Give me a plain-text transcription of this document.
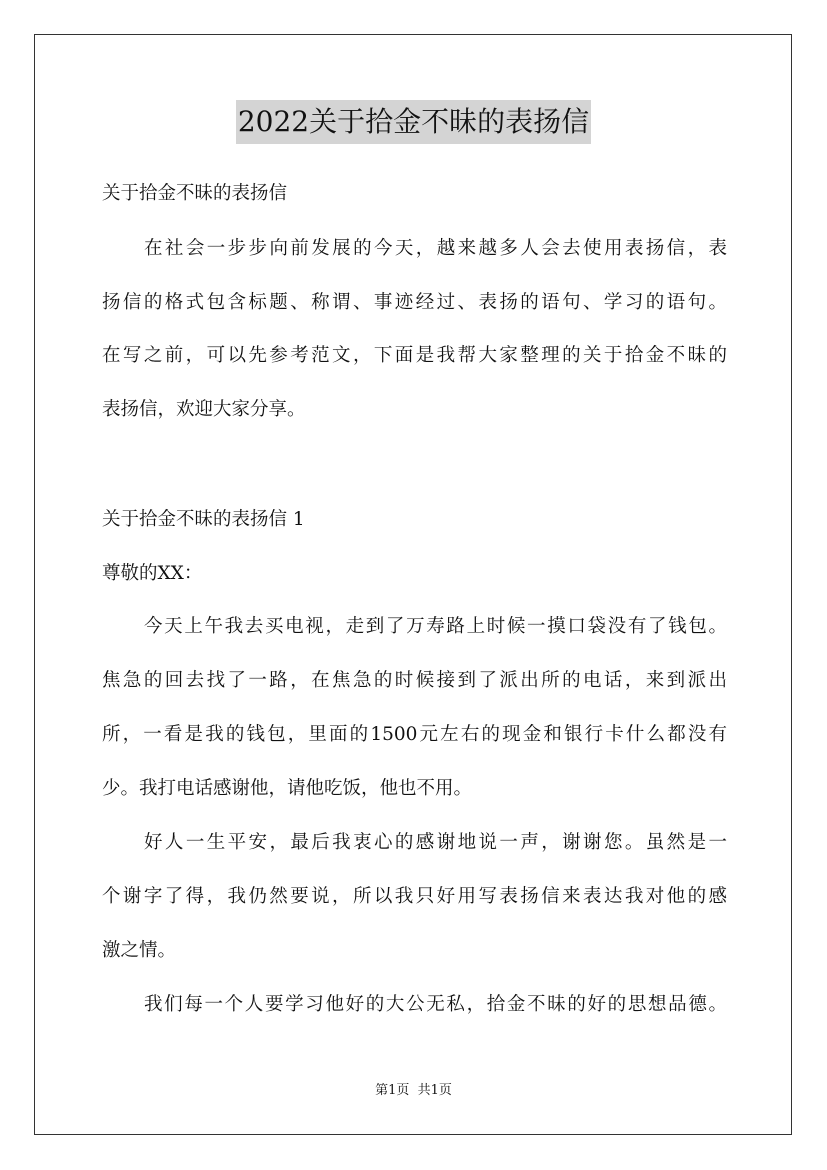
2022关于拾金不昧的表扬信
关于拾金不昧的表扬信
在社会一步步向前发展的今天，越来越多人会去使用表扬信，表
扬信的格式包含标题、称谓、事迹经过、表扬的语句、学习的语句。
在写之前，可以先参考范文，下面是我帮大家整理的关于拾金不昧的
表扬信，欢迎大家分享。
关于拾金不昧的表扬信 1
尊敬的XX：
今天上午我去买电视，走到了万寿路上时候一摸口袋没有了钱包。
焦急的回去找了一路，在焦急的时候接到了派出所的电话，来到派出
所，一看是我的钱包，里面的1500元左右的现金和银行卡什么都没有
少。我打电话感谢他，请他吃饭，他也不用。
好人一生平安，最后我衷心的感谢地说一声，谢谢您。虽然是一
个谢字了得，我仍然要说，所以我只好用写表扬信来表达我对他的感
激之情。
我们每一个人要学习他好的大公无私，拾金不昧的好的思想品德。
第1页 共1页
